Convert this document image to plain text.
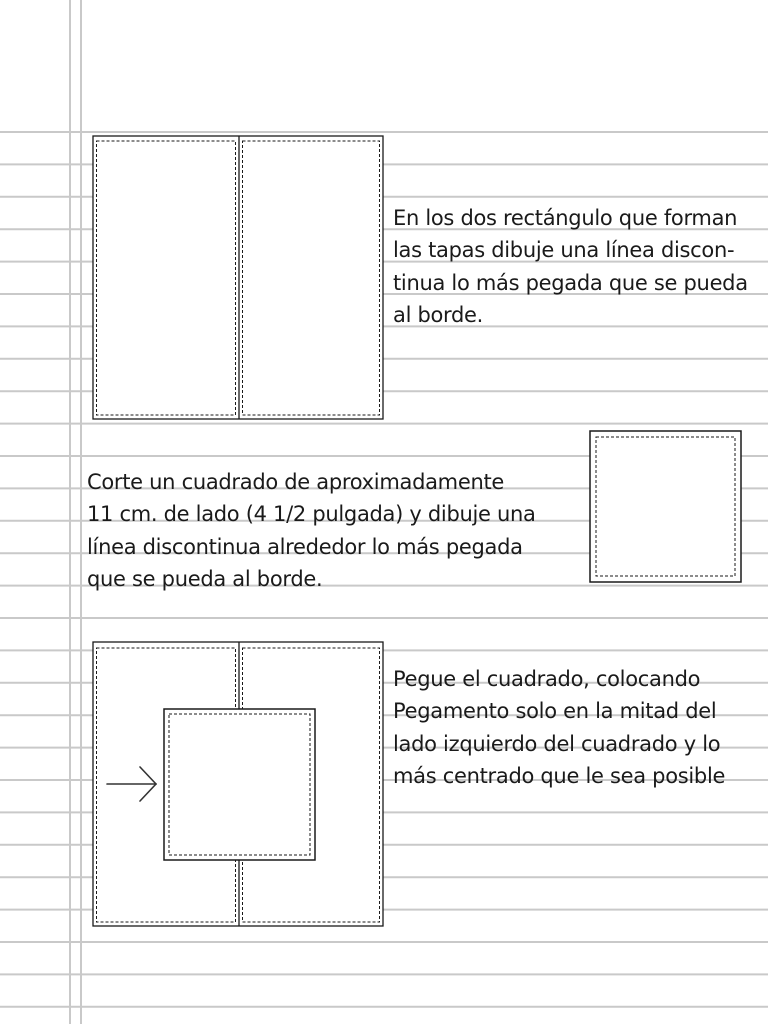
En los dos rectángulo que forman
las tapas dibuje una línea discon-
tinua lo más pegada que se pueda
al borde.

Corte un cuadrado de aproximadamente
11 cm. de lado (4 1/2 pulgada) y dibuje una
línea discontinua alrededor lo más pegada
que se pueda al borde.

Pegue el cuadrado, colocando
Pegamento solo en la mitad del
lado izquierdo del cuadrado y lo
más centrado que le sea posible
